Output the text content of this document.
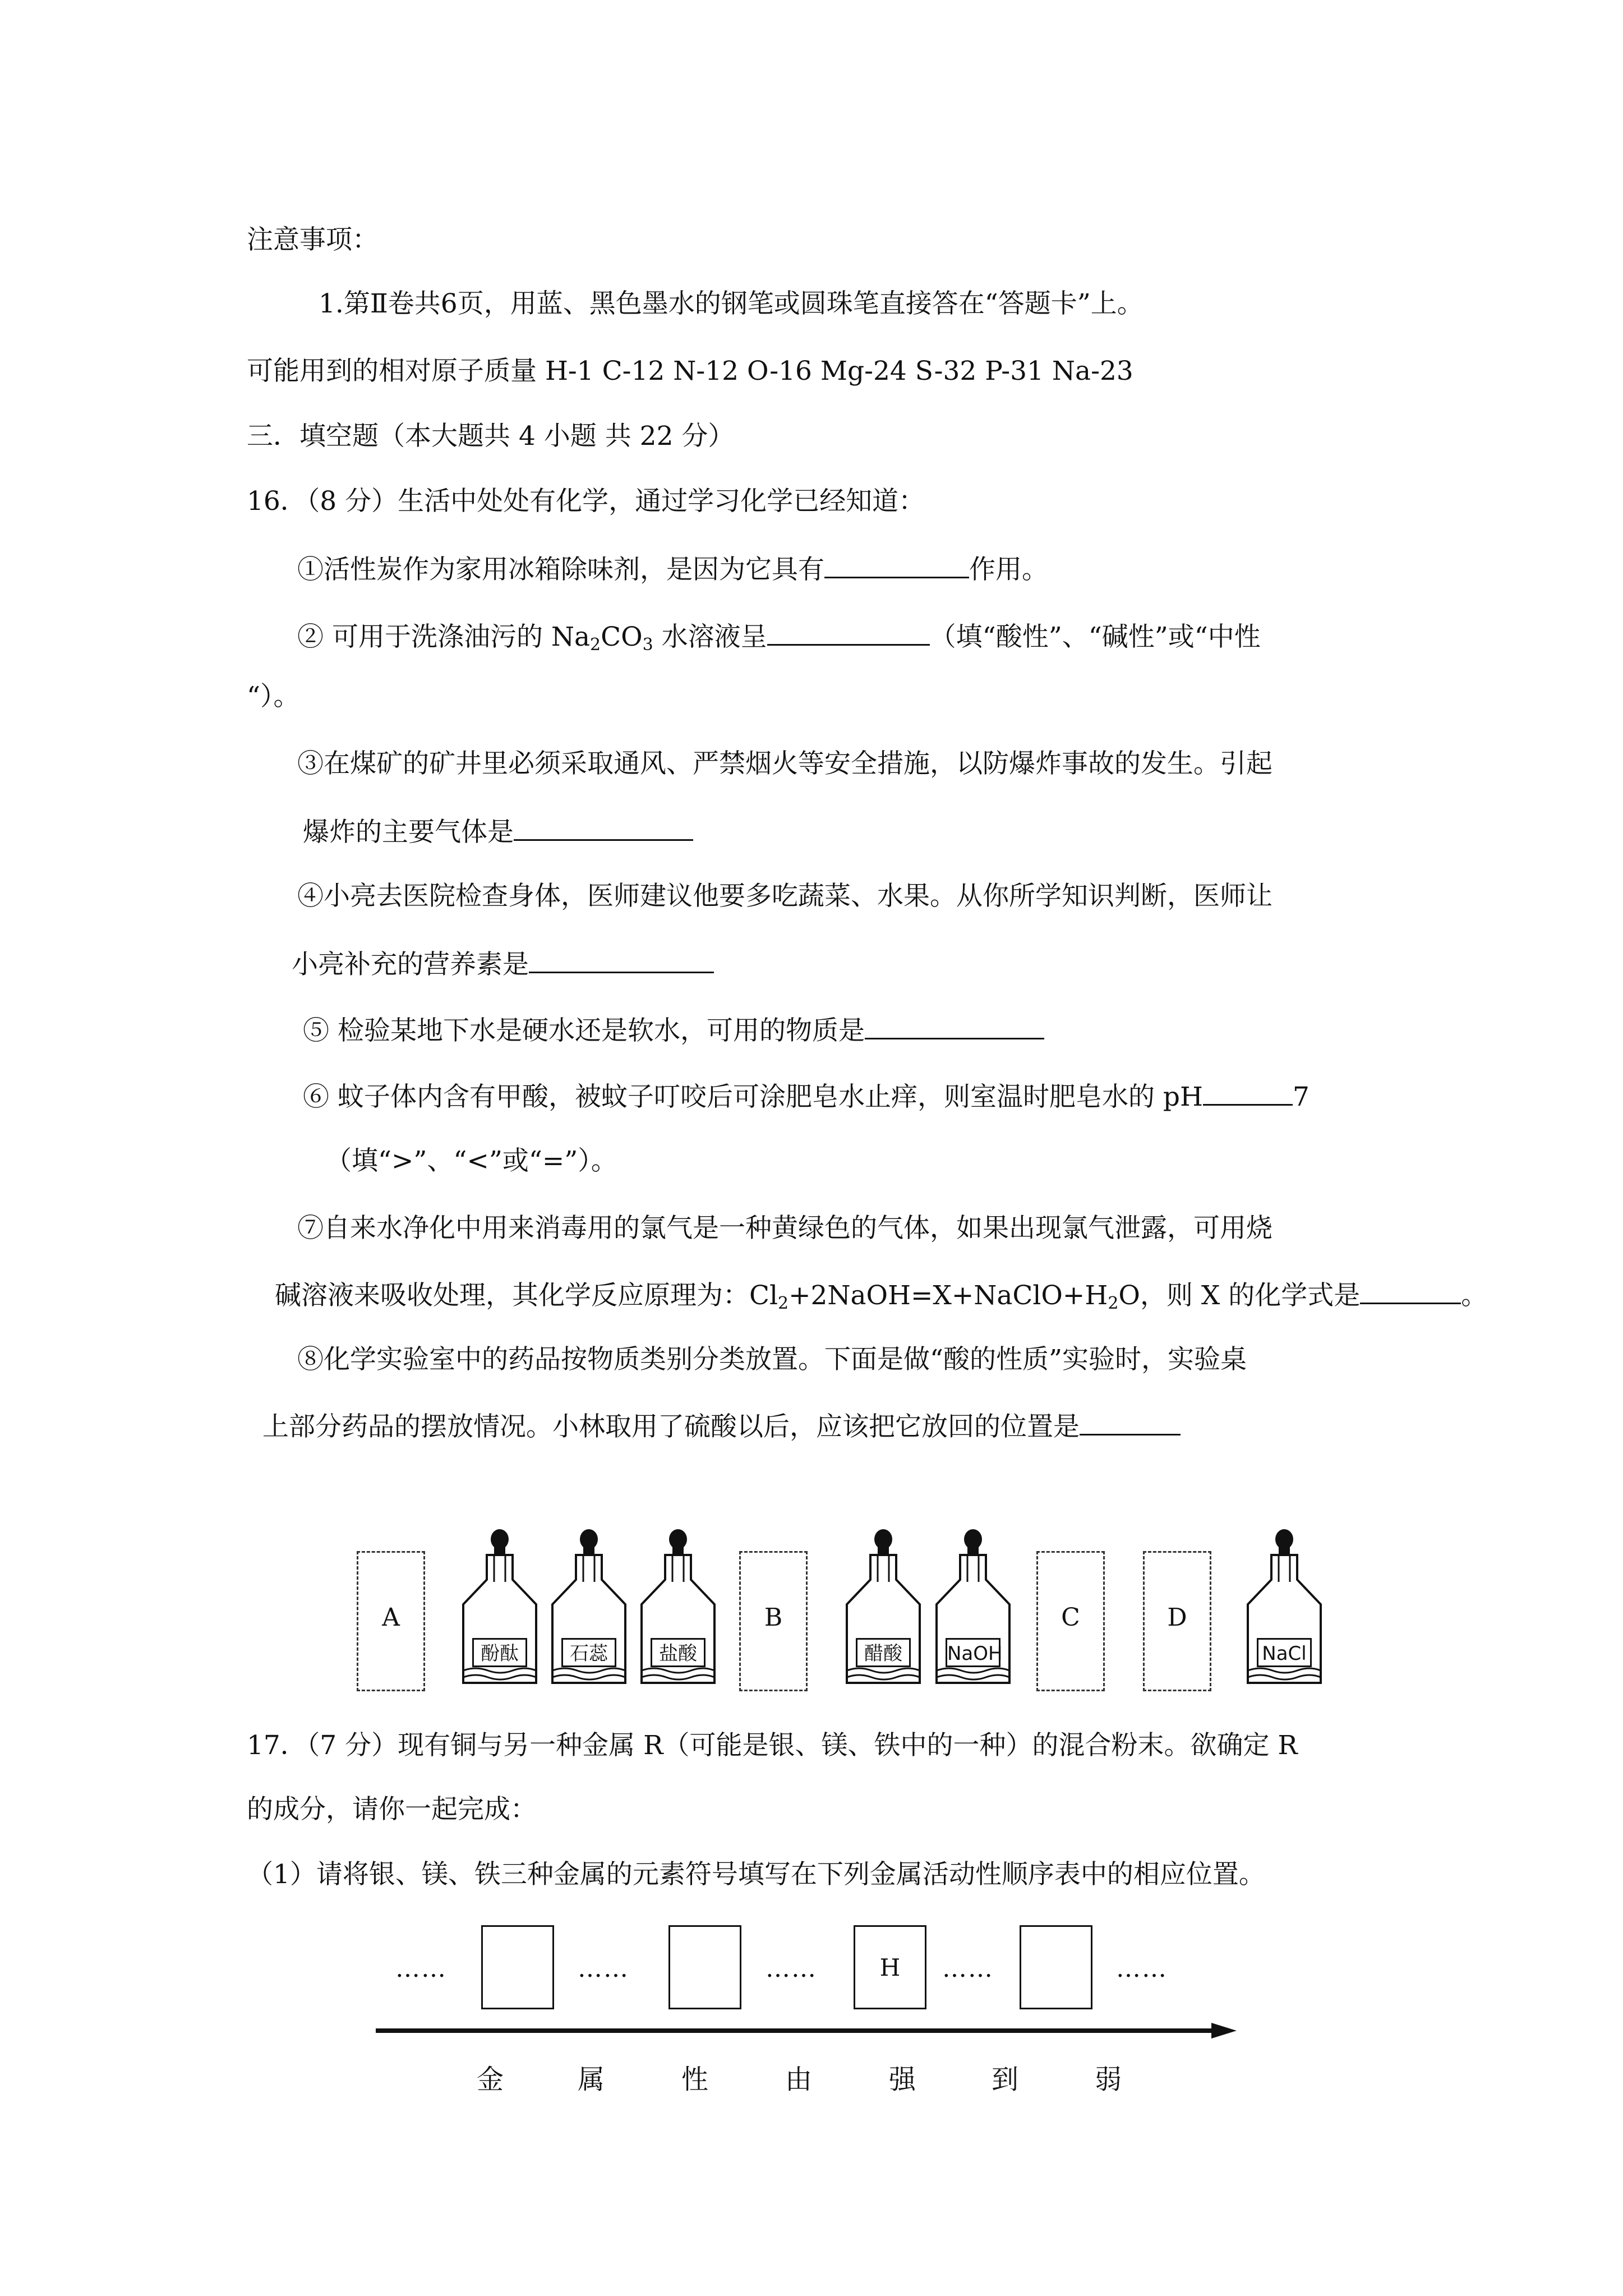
注意事项：
1.第Ⅱ卷共6页，用蓝、黑色墨水的钢笔或圆珠笔直接答在“答题卡”上。
可能用到的相对原子质量 H-1 C-12 N-12 O-16 Mg-24 S-32 P-31 Na-23
三．填空题（本大题共 4 小题 共 22 分）
16．（8 分）生活中处处有化学，通过学习化学已经知道：
①活性炭作为家用冰箱除味剂，是因为它具有	作用。
② 可用于洗涤油污的 $Na_2CO_3$ 水溶液呈	（填“酸性”、“碱性”或“中性
“）。
③在煤矿的矿井里必须采取通风、严禁烟火等安全措施，以防爆炸事故的发生。引起
爆炸的主要气体是
④小亮去医院检查身体，医师建议他要多吃蔬菜、水果。从你所学知识判断，医师让
小亮补充的营养素是
⑤ 检验某地下水是硬水还是软水，可用的物质是
⑥ 蚊子体内含有甲酸，被蚊子叮咬后可涂肥皂水止痒，则室温时肥皂水的 pH	7
（填“>”、“<”或“=”）。
⑦自来水净化中用来消毒用的氯气是一种黄绿色的气体，如果出现氯气泄露，可用烧
碱溶液来吸收处理，其化学反应原理为：$Cl_2+2NaOH=X+NaClO+H_2O$，则 X 的化学式是	。
⑧化学实验室中的药品按物质类别分类放置。下面是做“酸的性质”实验时，实验桌
上部分药品的摆放情况。小林取用了硫酸以后，应该把它放回的位置是
A	B	C	D
酚酞	石蕊	盐酸	醋酸	NaOH	NaCl
17．（7 分）现有铜与另一种金属 R（可能是银、镁、铁中的一种）的混合粉末。欲确定 R
的成分，请你一起完成：
（1）请将银、镁、铁三种金属的元素符号填写在下列金属活动性顺序表中的相应位置。
……	……	……	H	……	……
金	属	性	由	强	到	弱
